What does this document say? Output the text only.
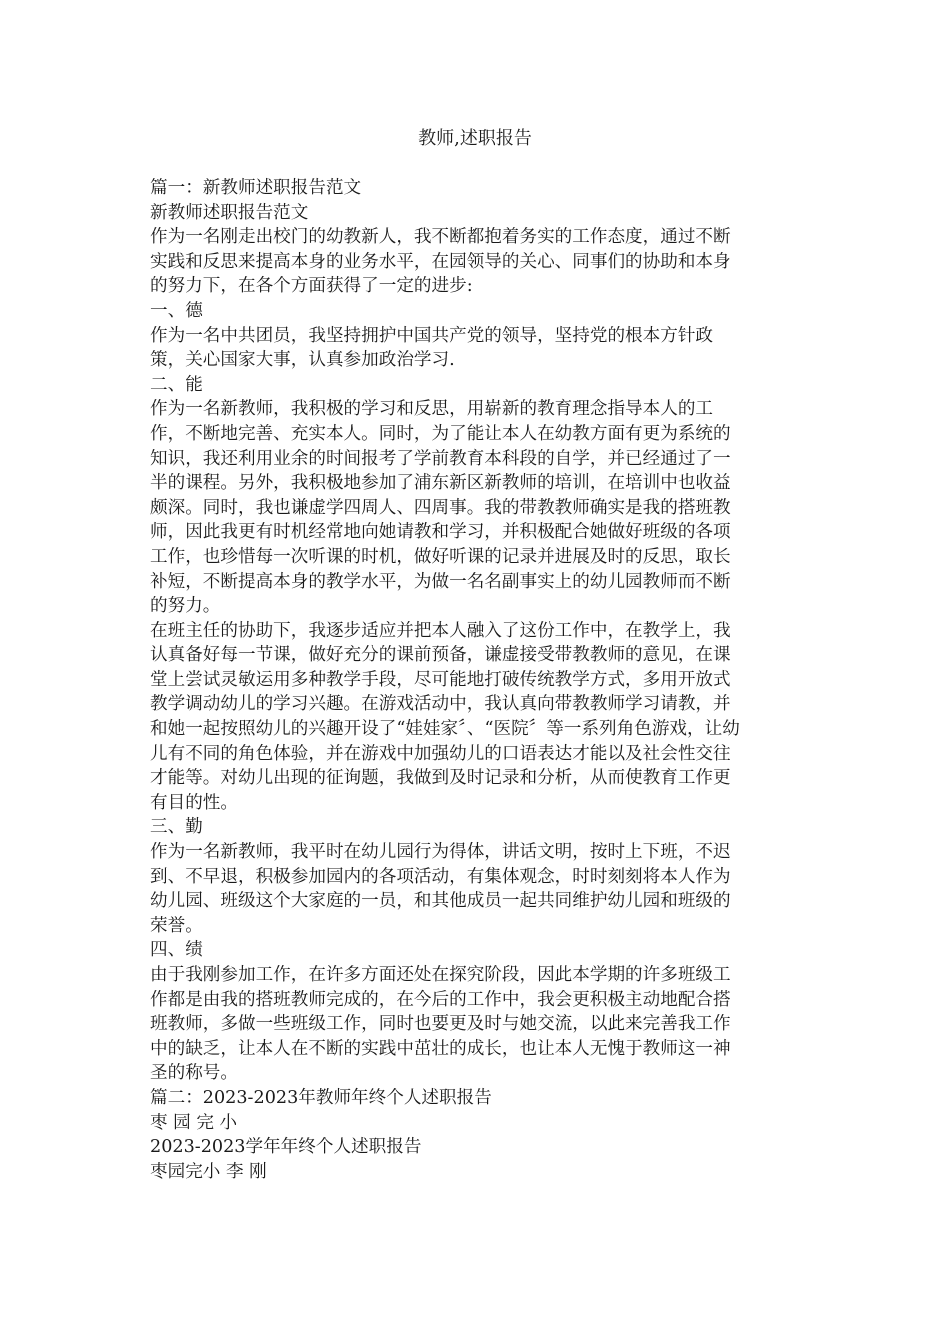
教师,述职报告
篇一：新教师述职报告范文
新教师述职报告范文
作为一名刚走出校门的幼教新人，我不断都抱着务实的工作态度，通过不断
实践和反思来提高本身的业务水平，在园领导的关心、同事们的协助和本身
的努力下，在各个方面获得了一定的进步:
一、德
作为一名中共团员，我坚持拥护中国共产党的领导，坚持党的根本方针政
策，关心国家大事，认真参加政治学习.
二、能
作为一名新教师，我积极的学习和反思，用崭新的教育理念指导本人的工
作，不断地完善、充实本人。同时，为了能让本人在幼教方面有更为系统的
知识，我还利用业余的时间报考了学前教育本科段的自学，并已经通过了一
半的课程。另外，我积极地参加了浦东新区新教师的培训，在培训中也收益
颇深。同时，我也谦虚学四周人、四周事。我的带教教师确实是我的搭班教
师，因此我更有时机经常地向她请教和学习，并积极配合她做好班级的各项
工作，也珍惜每一次听课的时机，做好听课的记录并进展及时的反思，取长
补短，不断提高本身的教学水平，为做一名名副事实上的幼儿园教师而不断
的努力。
在班主任的协助下，我逐步适应并把本人融入了这份工作中，在教学上，我
认真备好每一节课，做好充分的课前预备，谦虚接受带教教师的意见，在课
堂上尝试灵敏运用多种教学手段，尽可能地打破传统教学方式，多用开放式
教学调动幼儿的学习兴趣。在游戏活动中，我认真向带教教师学习请教，并
和她一起按照幼儿的兴趣开设了“娃娃家〞、“医院〞等一系列角色游戏，让幼
儿有不同的角色体验，并在游戏中加强幼儿的口语表达才能以及社会性交往
才能等。对幼儿出现的征询题，我做到及时记录和分析，从而使教育工作更
有目的性。
三、勤
作为一名新教师，我平时在幼儿园行为得体，讲话文明，按时上下班，不迟
到、不早退，积极参加园内的各项活动，有集体观念，时时刻刻将本人作为
幼儿园、班级这个大家庭的一员，和其他成员一起共同维护幼儿园和班级的
荣誉。
四、绩
由于我刚参加工作，在许多方面还处在探究阶段，因此本学期的许多班级工
作都是由我的搭班教师完成的，在今后的工作中，我会更积极主动地配合搭
班教师，多做一些班级工作，同时也要更及时与她交流，以此来完善我工作
中的缺乏，让本人在不断的实践中茁壮的成长，也让本人无愧于教师这一神
圣的称号。
篇二：2023-2023年教师年终个人述职报告
枣 园 完 小
2023-2023学年年终个人述职报告
枣园完小 李 刚
